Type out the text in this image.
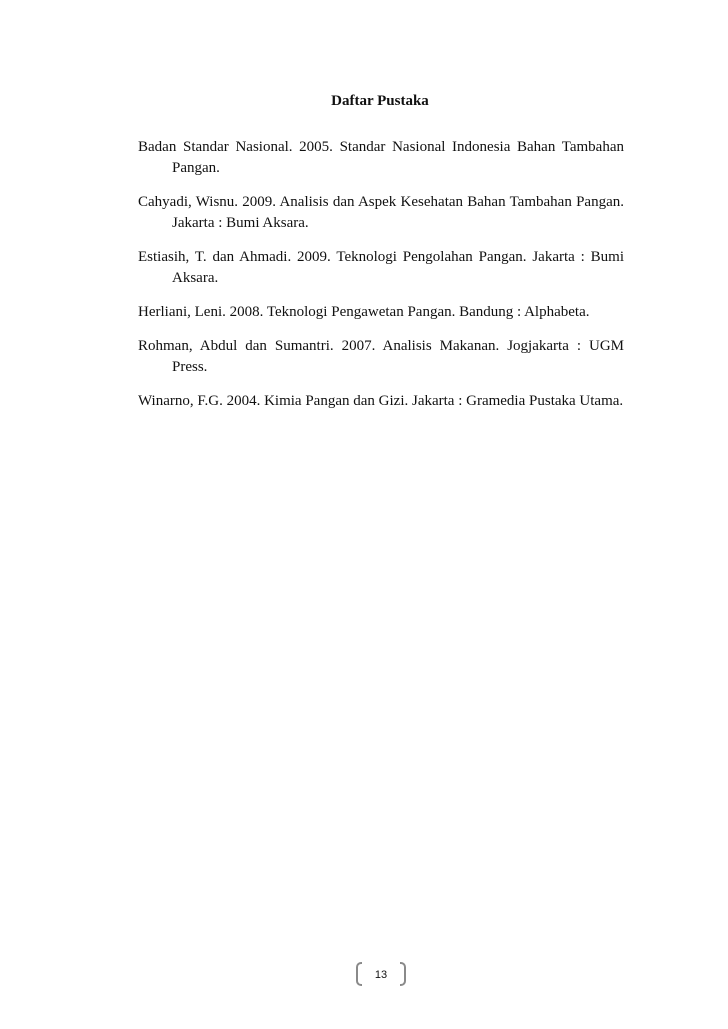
Daftar Pustaka

Badan Standar Nasional. 2005. Standar Nasional Indonesia Bahan Tambahan Pangan.

Cahyadi, Wisnu. 2009. Analisis dan Aspek Kesehatan Bahan Tambahan Pangan. Jakarta : Bumi Aksara.

Estiasih, T. dan Ahmadi. 2009. Teknologi Pengolahan Pangan. Jakarta : Bumi Aksara.

Herliani, Leni. 2008. Teknologi Pengawetan Pangan. Bandung : Alphabeta.

Rohman, Abdul dan Sumantri. 2007. Analisis Makanan. Jogjakarta : UGM Press.

Winarno, F.G. 2004. Kimia Pangan dan Gizi. Jakarta : Gramedia Pustaka Utama.

13
